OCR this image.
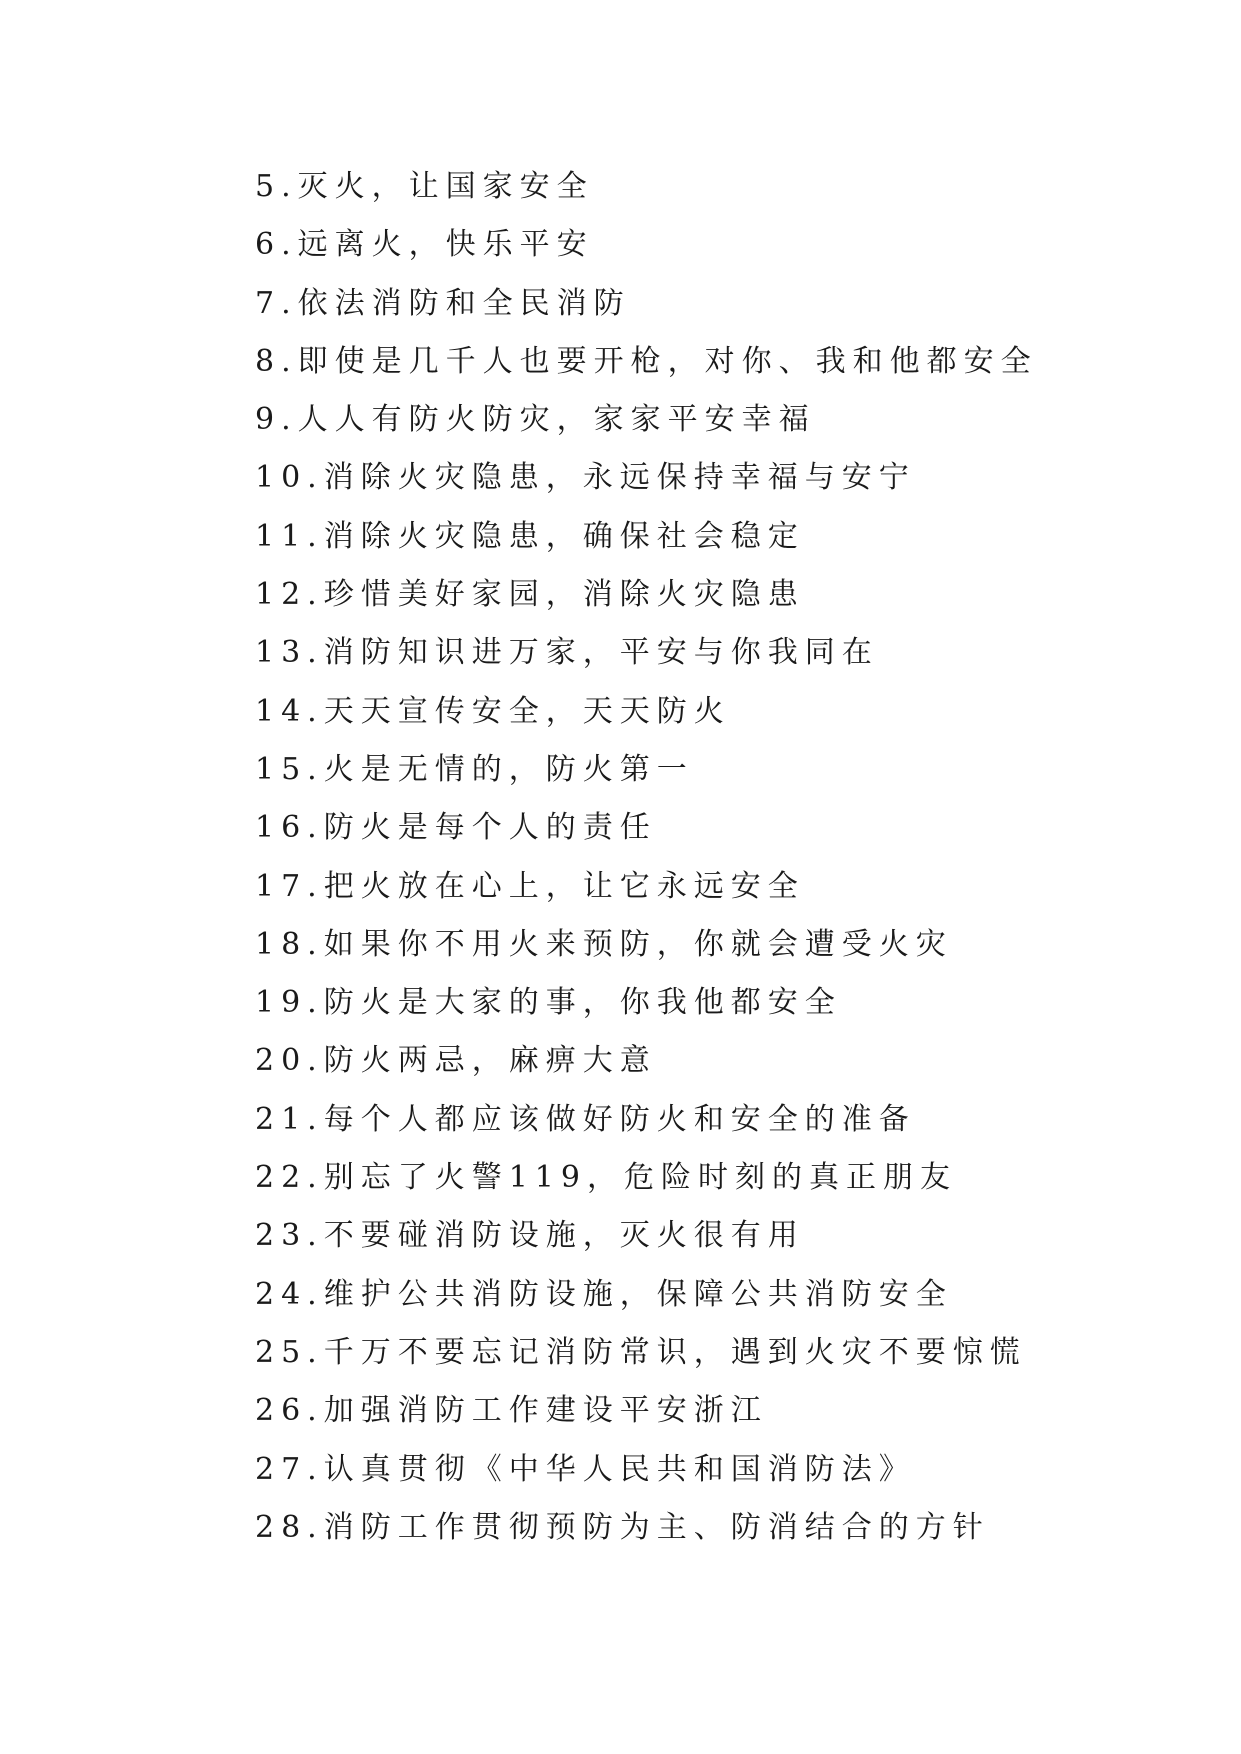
5.灭火，让国家安全
6.远离火，快乐平安
7.依法消防和全民消防
8.即使是几千人也要开枪，对你、我和他都安全
9.人人有防火防灾，家家平安幸福
10.消除火灾隐患，永远保持幸福与安宁
11.消除火灾隐患，确保社会稳定
12.珍惜美好家园，消除火灾隐患
13.消防知识进万家，平安与你我同在
14.天天宣传安全，天天防火
15.火是无情的，防火第一
16.防火是每个人的责任
17.把火放在心上，让它永远安全
18.如果你不用火来预防，你就会遭受火灾
19.防火是大家的事，你我他都安全
20.防火两忌，麻痹大意
21.每个人都应该做好防火和安全的准备
22.别忘了火警119，危险时刻的真正朋友
23.不要碰消防设施，灭火很有用
24.维护公共消防设施，保障公共消防安全
25.千万不要忘记消防常识，遇到火灾不要惊慌
26.加强消防工作建设平安浙江
27.认真贯彻《中华人民共和国消防法》
28.消防工作贯彻预防为主、防消结合的方针
